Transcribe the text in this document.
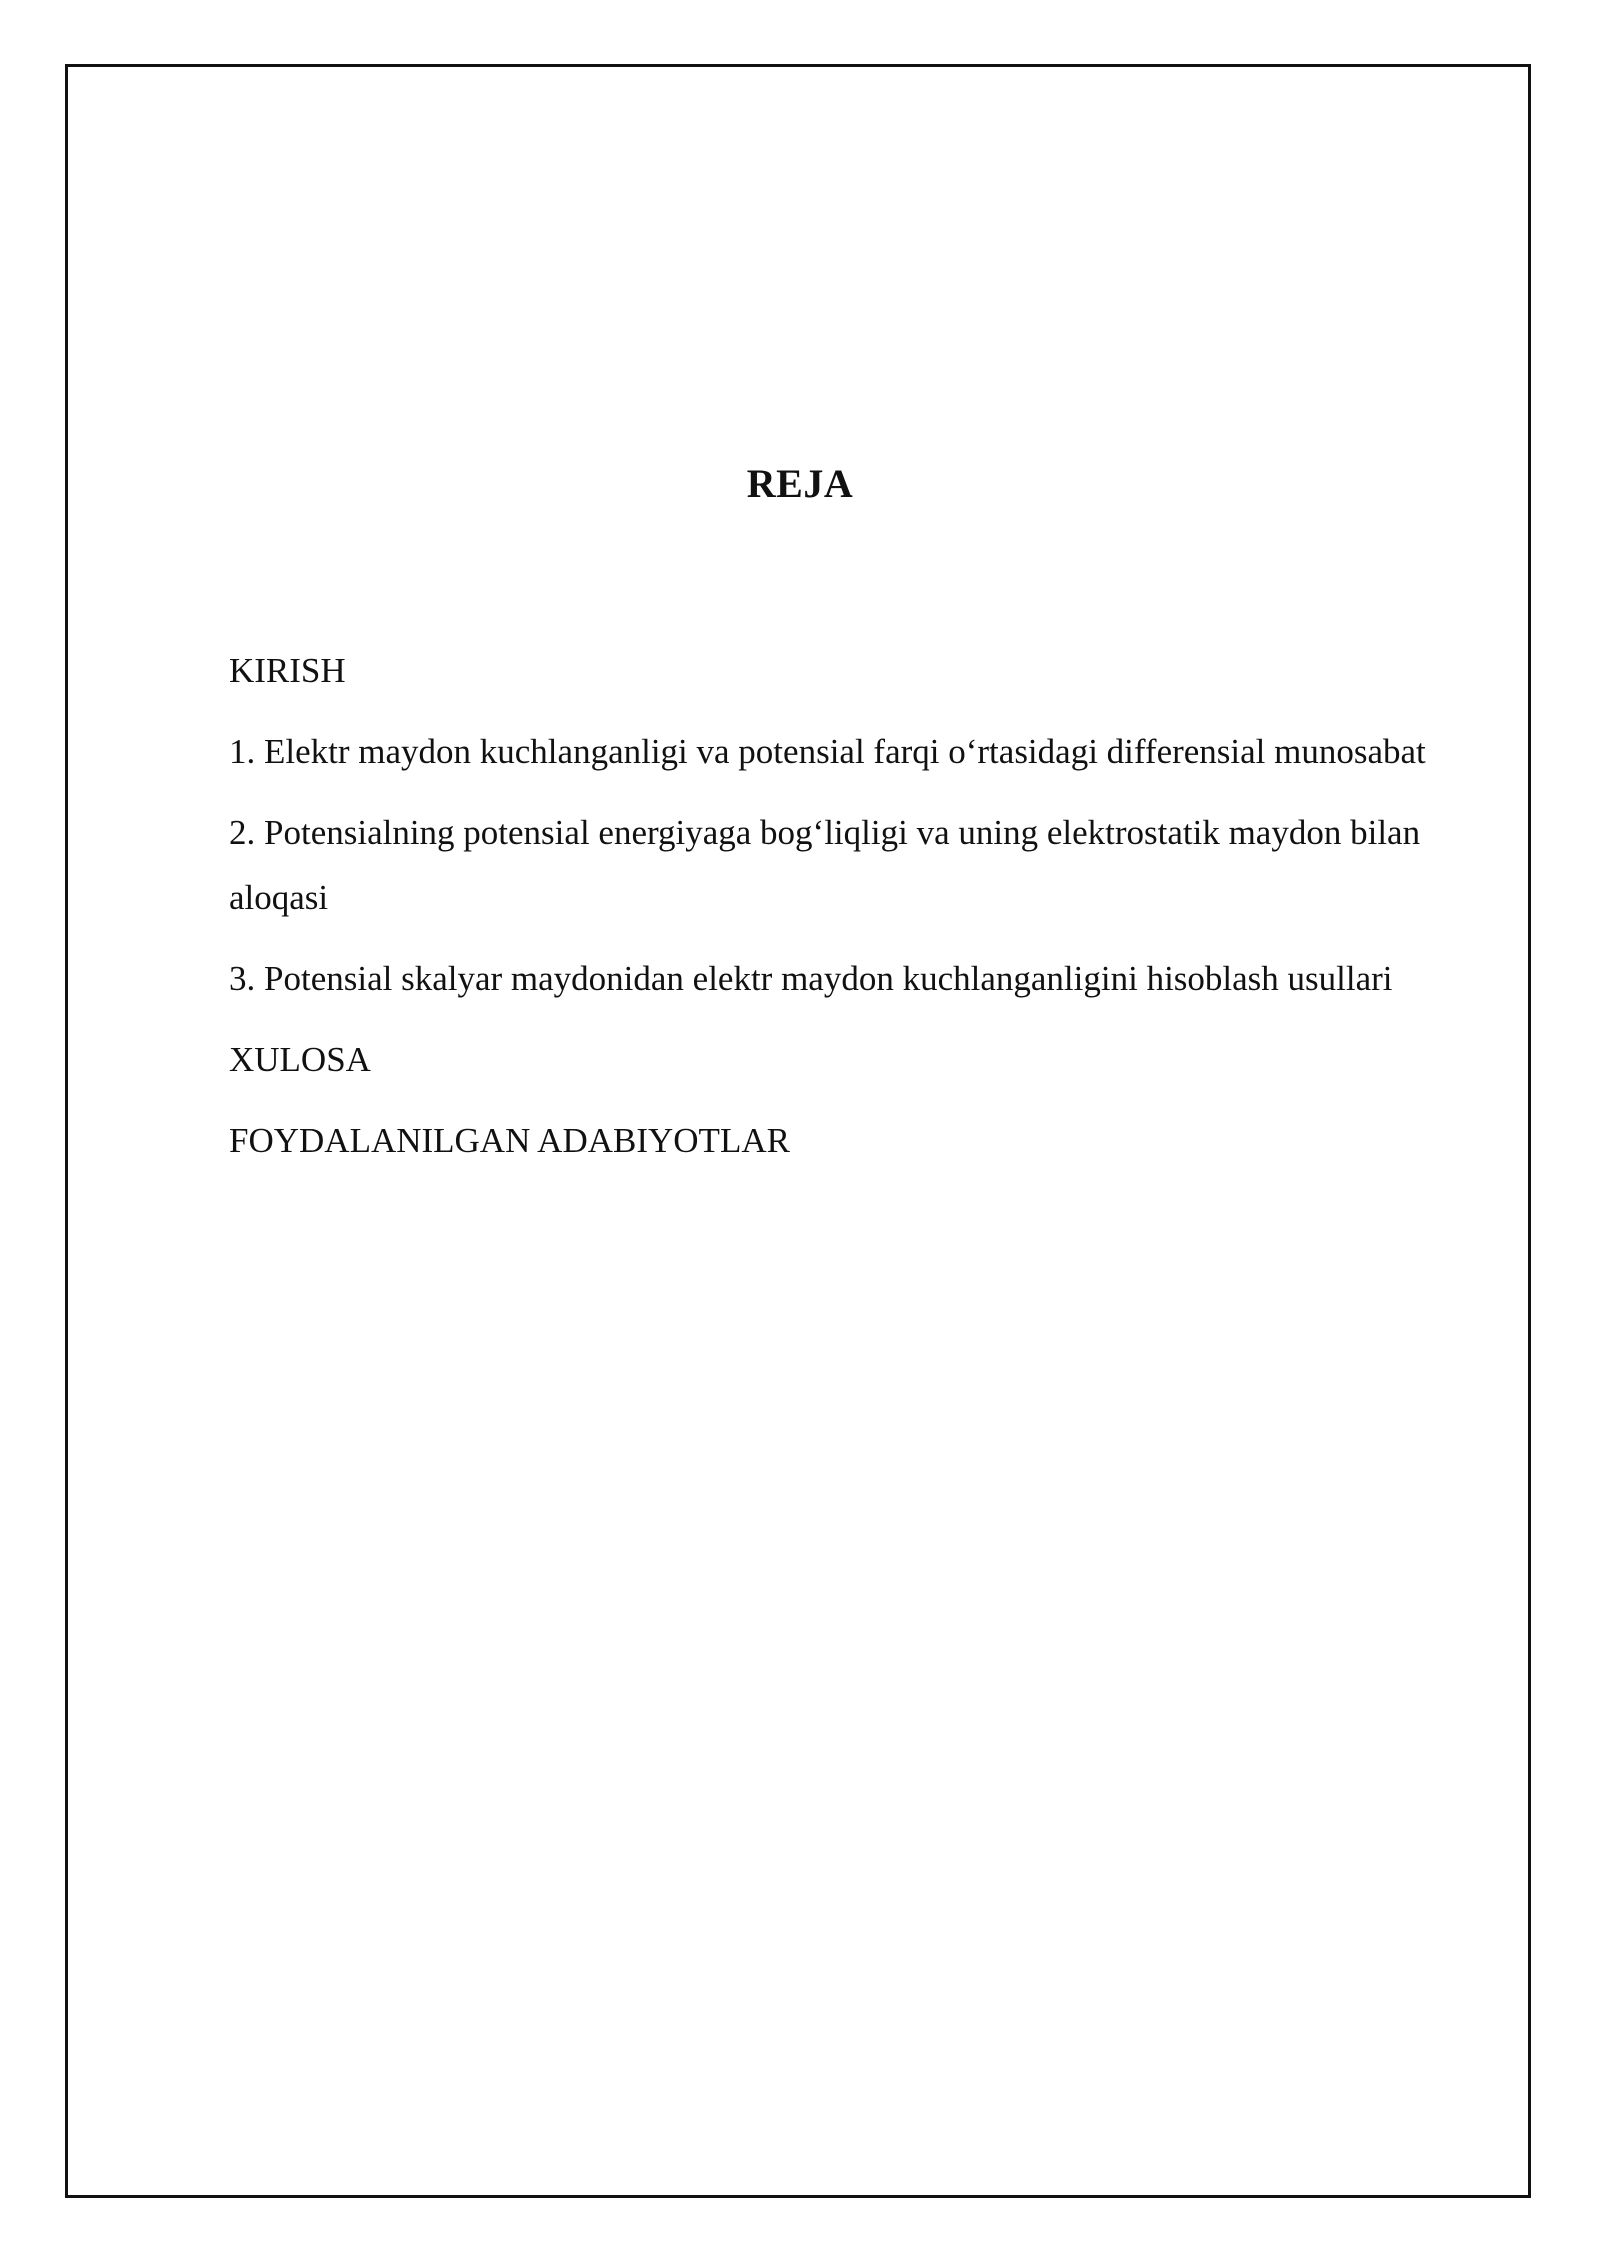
REJA
KIRISH
1. Elektr maydon kuchlanganligi va potensial farqi o‘rtasidagi differensial munosabat
2. Potensialning potensial energiyaga bog‘liqligi va uning elektrostatik maydon bilan aloqasi
3. Potensial skalyar maydonidan elektr maydon kuchlanganligini hisoblash usullari
XULOSA
FOYDALANILGAN ADABIYOTLAR
